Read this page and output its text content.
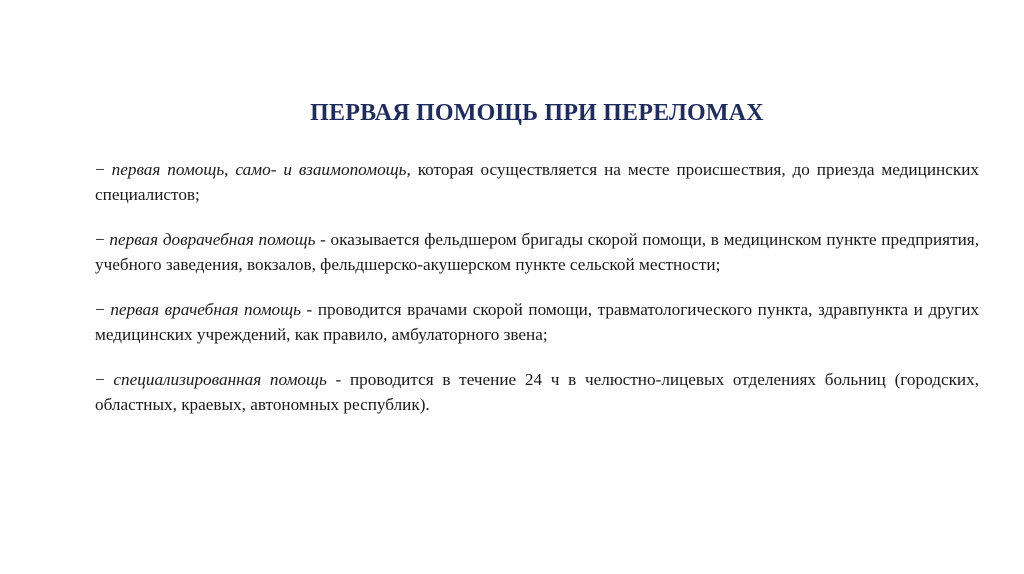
ПЕРВАЯ ПОМОЩЬ ПРИ ПЕРЕЛОМАХ

− первая помощь, само- и взаимопомощь, которая осуществляется на месте происшествия, до приезда медицинских специалистов;

− первая доврачебная помощь - оказывается фельдшером бригады скорой помощи, в медицинском пункте предприятия, учебного заведения, вокзалов, фельдшерско-акушерском пункте сельской местности;

− первая врачебная помощь - проводится врачами скорой помощи, травматологического пункта, здравпункта и других медицинских учреждений, как правило, амбулаторного звена;

− специализированная помощь - проводится в течение 24 ч в челюстно-лицевых отделениях больниц (городских, областных, краевых, автономных республик).
